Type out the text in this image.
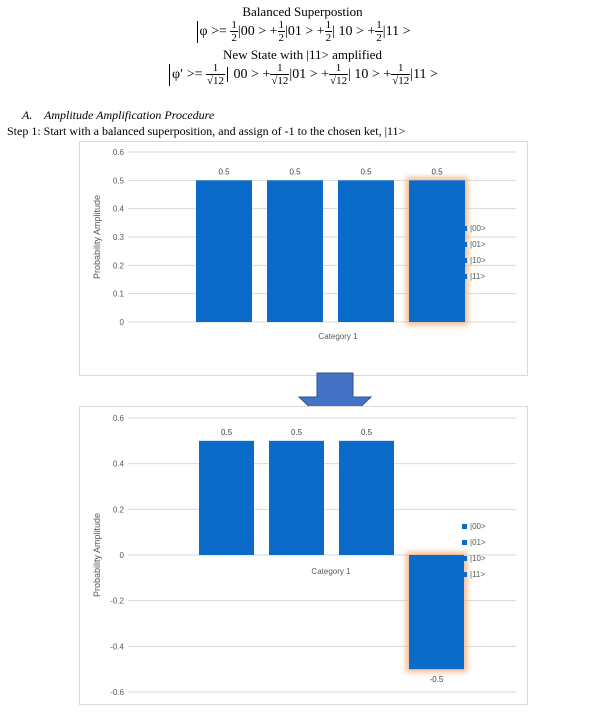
Balanced Superpostion
$\varphi >= \frac{1}{2} |00$ > + $\frac{1}{2} |01$ > + $\frac{1}{2}$ | 10 > + $\frac{1}{2} |11$ >
New State with |11> amplified
$\varphi' >= \frac{1}{√12} 00$ > + $\frac{1}{√12} |01$ > + $\frac{1}{√12}$ | 10 > + $\frac{1}{√12} |11$ >
A. Amplitude Amplification Procedure
Step 1: Start with a balanced superposition, and assign of -1 to the chosen ket, |11>
0
0.1
0.2
0.3
0.4
0.5
0.6
Probability Amplitude
0.5	0.5	0.5	0.5
Category 1
|00>
|01>
|10>
|11>
-0.6
-0.4
-0.2
0
0.2
0.4
0.6
Probability Amplitude
0.5	0.5	0.5
-0.5
Category 1
|00>
|01>
|10>
|11>
